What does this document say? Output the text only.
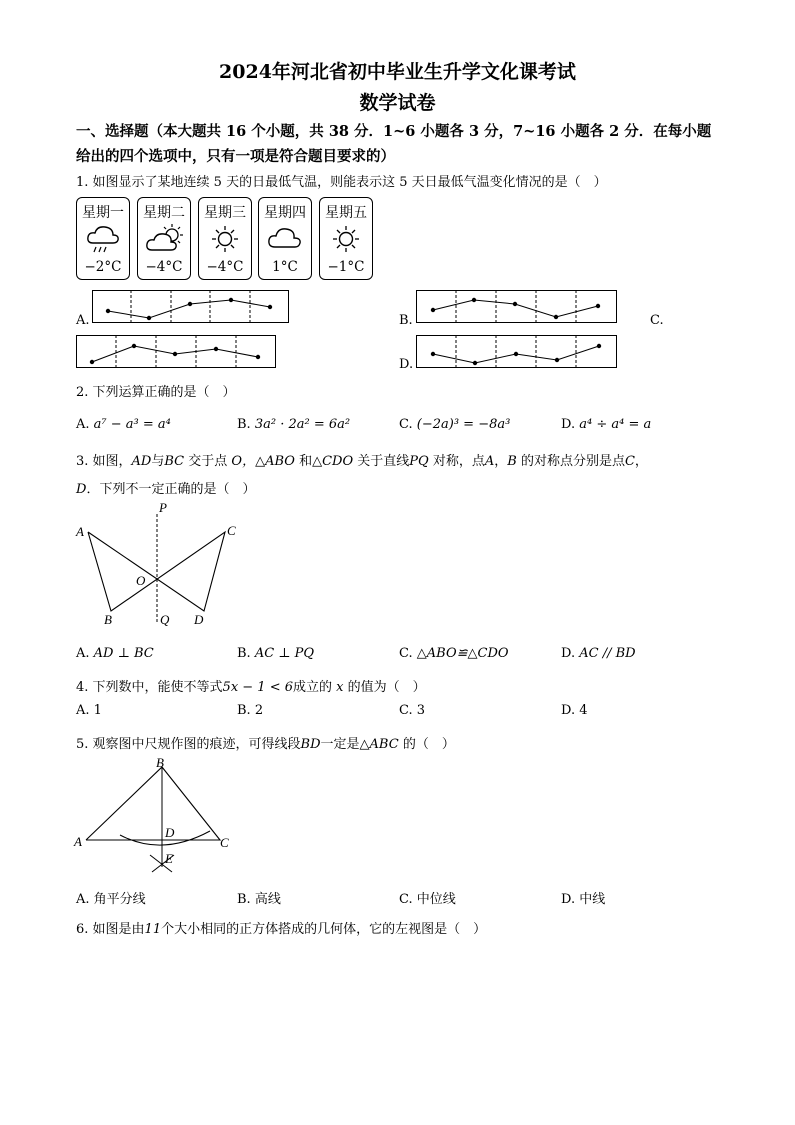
2024年河北省初中毕业生升学文化课考试
数学试卷
一、选择题（本大题共 16 个小题，共 38 分．1~6 小题各 3 分，7~16 小题各 2 分．在每小题
给出的四个选项中，只有一项是符合题目要求的）
1. 如图显示了某地连续 5 天的日最低气温，则能表示这 5 天日最低气温变化情况的是（　）
星期一
−2°C
星期二
−4°C
星期三
−4°C
星期四
1°C
星期五
−1°C
A.	B.	C.
D.
2. 下列运算正确的是（　）
A. a⁷ − a³ = a⁴	B. 3a² · 2a² = 6a²	C. (−2a)³ = −8a³	D. a⁴ ÷ a⁴ = a
3. 如图，AD与BC 交于点 O，△ABO 和△CDO 关于直线PQ 对称，点A，B 的对称点分别是点C，
D．下列不一定正确的是（　）
A	C
O
B	Q D
P
A. AD ⊥ BC	B. AC ⊥ PQ	C. △ABO≌△CDO	D. AC // BD
4. 下列数中，能使不等式5x − 1 < 6成立的 x 的值为（　）
A. 1	B. 2	C. 3	D. 4
5. 观察图中尺规作图的痕迹，可得线段BD一定是△ABC 的（　）
B
D
A	C
E
A. 角平分线	B. 高线	C. 中位线	D. 中线
6. 如图是由11个大小相同的正方体搭成的几何体，它的左视图是（　）
